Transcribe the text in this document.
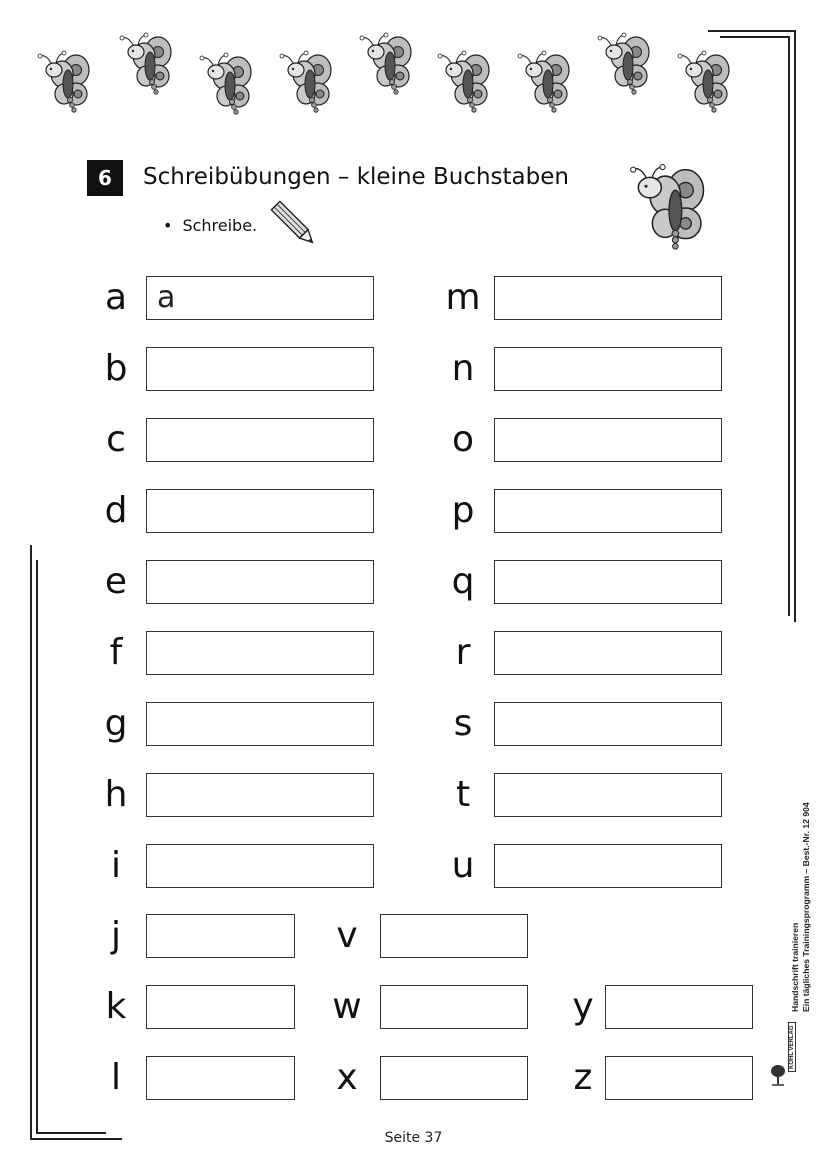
6	Schreibübungen – kleine Buchstaben
• Schreibe.
a a	m
b	n
c	o
d	p
e	q
f	r
g	s
h	t
i	u
j	v
k	w	y
l	x	z
Seite 37
Handschrift trainieren Ein tägliches Trainingsprogramm – Best.-Nr. 12 904
KOHL VERLAG
